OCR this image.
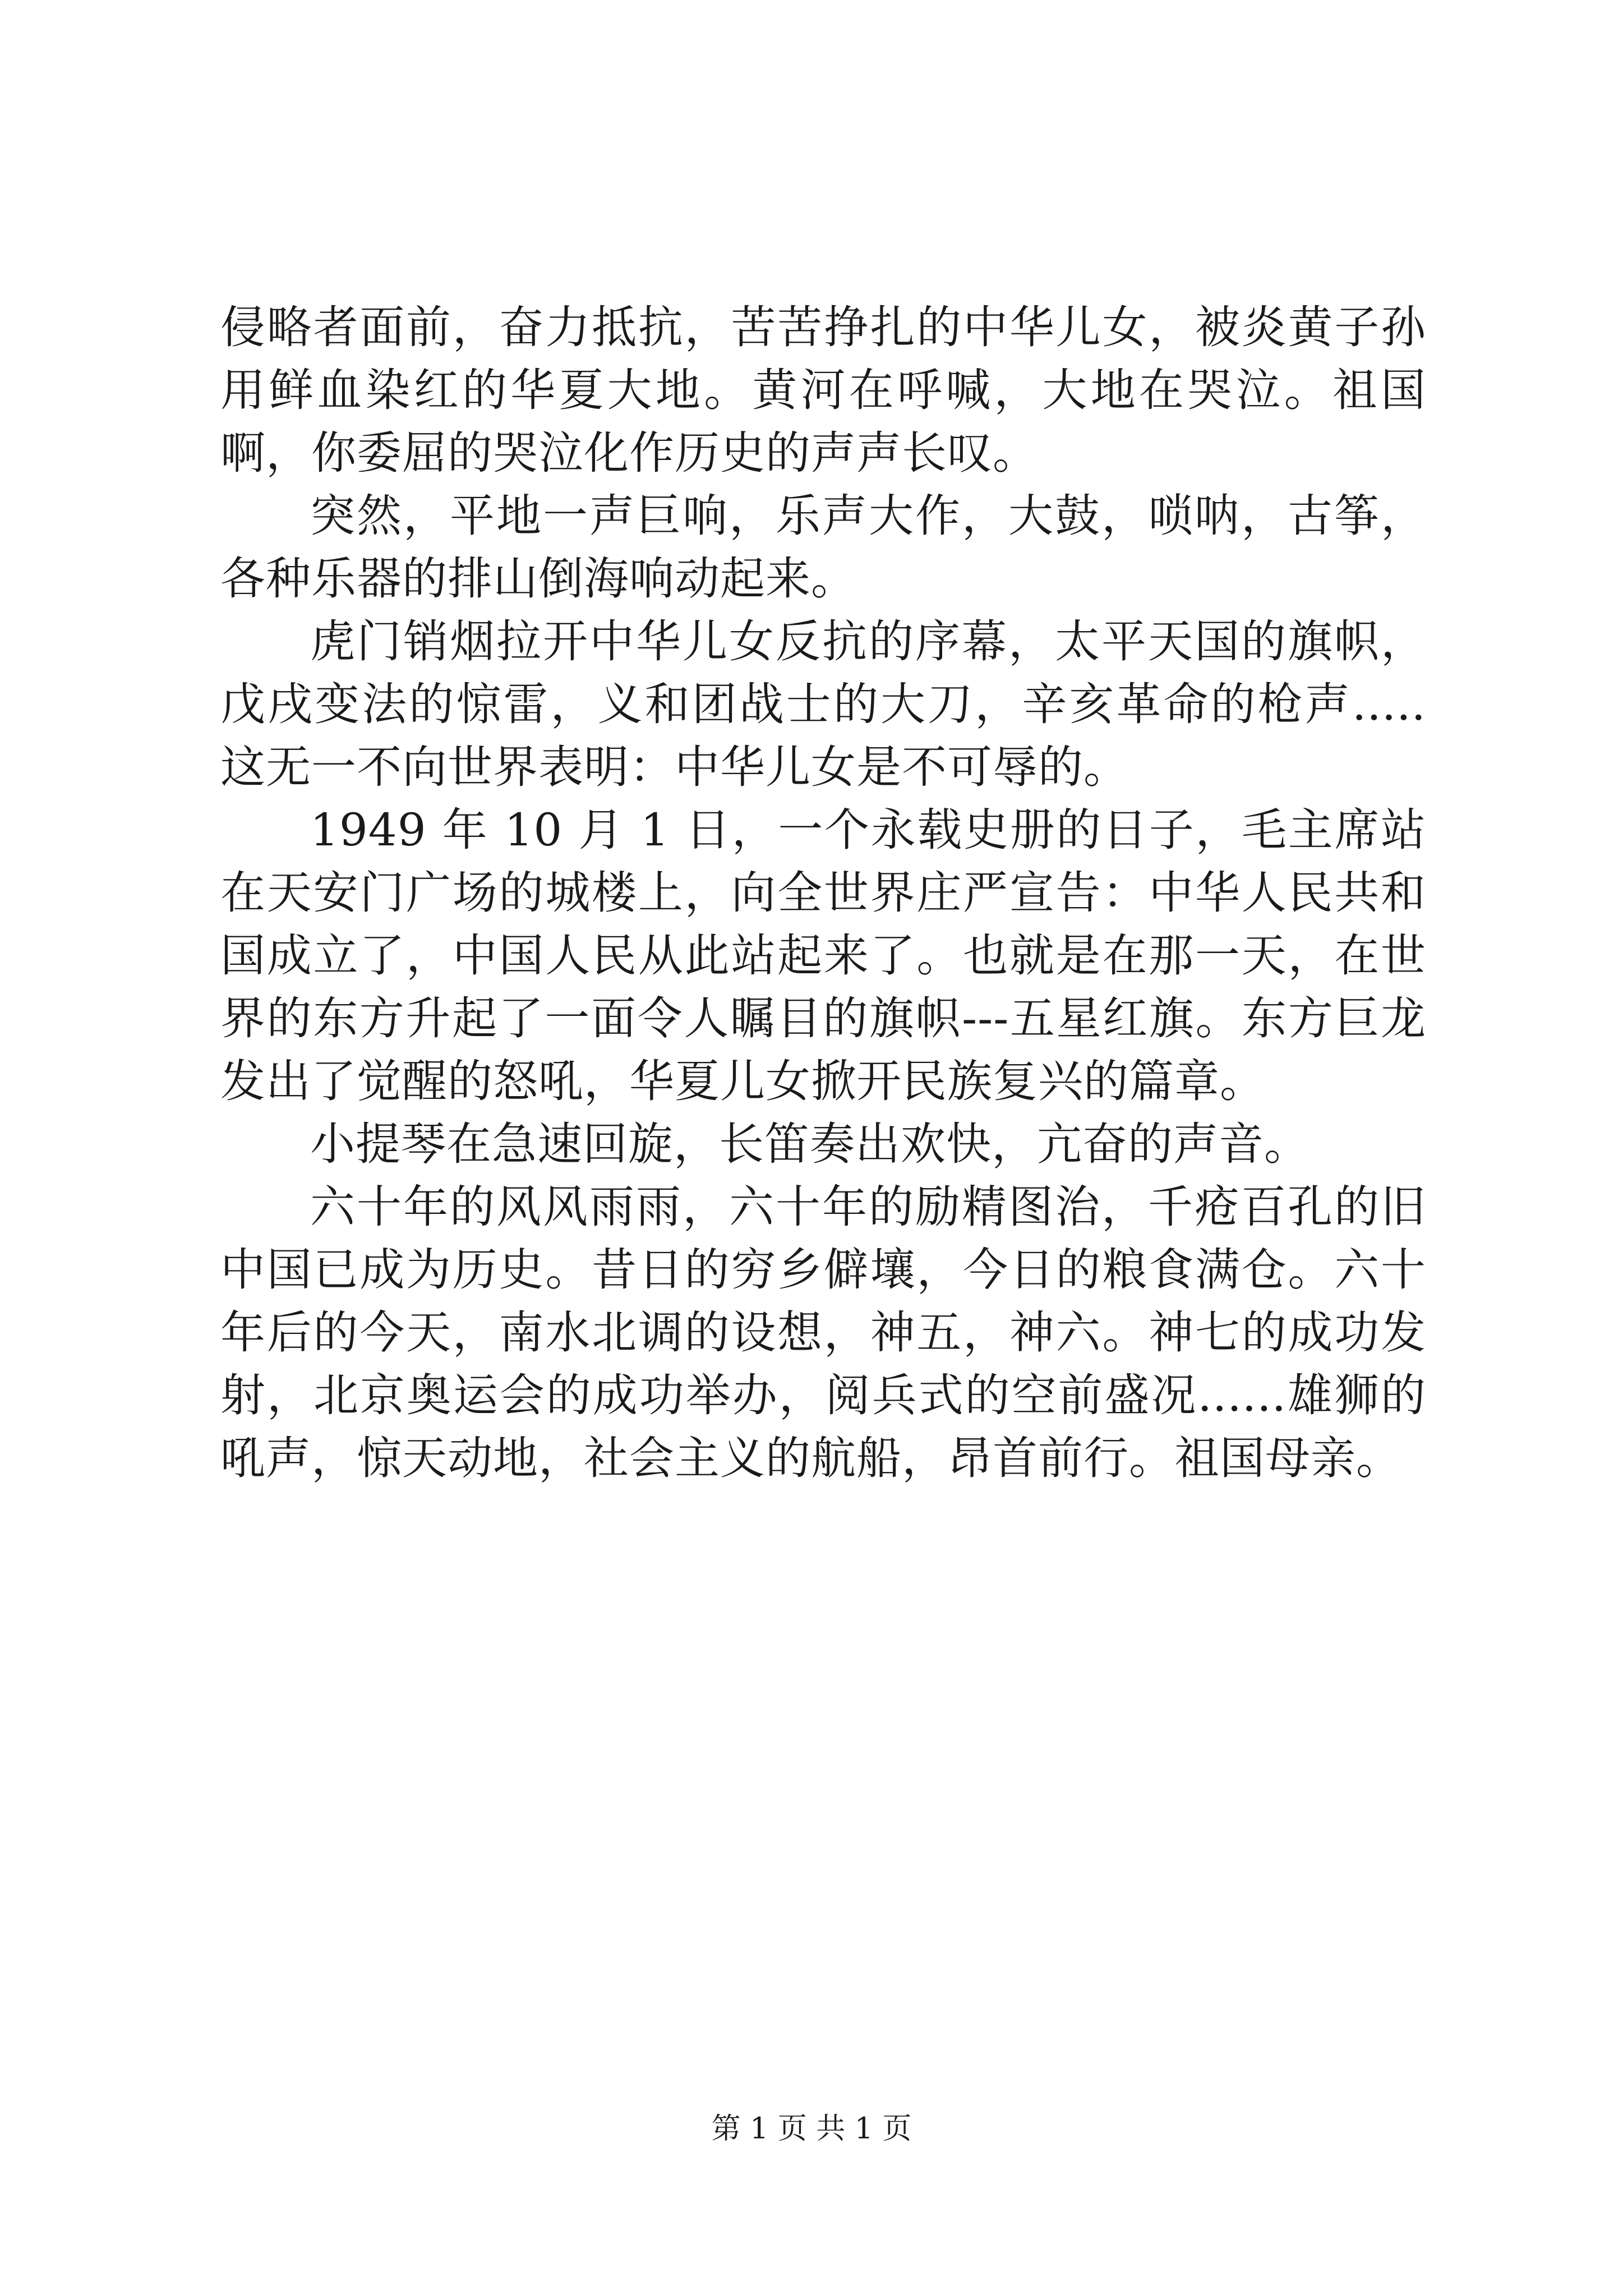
侵略者面前，奋力抵抗，苦苦挣扎的中华儿女，被炎黄子孙用鲜血染红的华夏大地。黄河在呼喊，大地在哭泣。祖国啊，你委屈的哭泣化作历史的声声长叹。

突然，平地一声巨响，乐声大作，大鼓，唢呐，古筝，各种乐器的排山倒海响动起来。

虎门销烟拉开中华儿女反抗的序幕，太平天国的旗帜，戊戌变法的惊雷，义和团战士的大刀，辛亥革命的枪声.....这无一不向世界表明：中华儿女是不可辱的。

1949 年 10 月 1 日，一个永载史册的日子，毛主席站在天安门广场的城楼上，向全世界庄严宣告：中华人民共和国成立了，中国人民从此站起来了。也就是在那一天，在世界的东方升起了一面令人瞩目的旗帜---五星红旗。东方巨龙发出了觉醒的怒吼，华夏儿女掀开民族复兴的篇章。

小提琴在急速回旋，长笛奏出欢快，亢奋的声音。

六十年的风风雨雨，六十年的励精图治，千疮百孔的旧中国已成为历史。昔日的穷乡僻壤，今日的粮食满仓。六十年后的今天，南水北调的设想，神五，神六。神七的成功发射，北京奥运会的成功举办，阅兵式的空前盛况......雄狮的吼声，惊天动地，社会主义的航船，昂首前行。祖国母亲。

第 1 页 共 1 页
